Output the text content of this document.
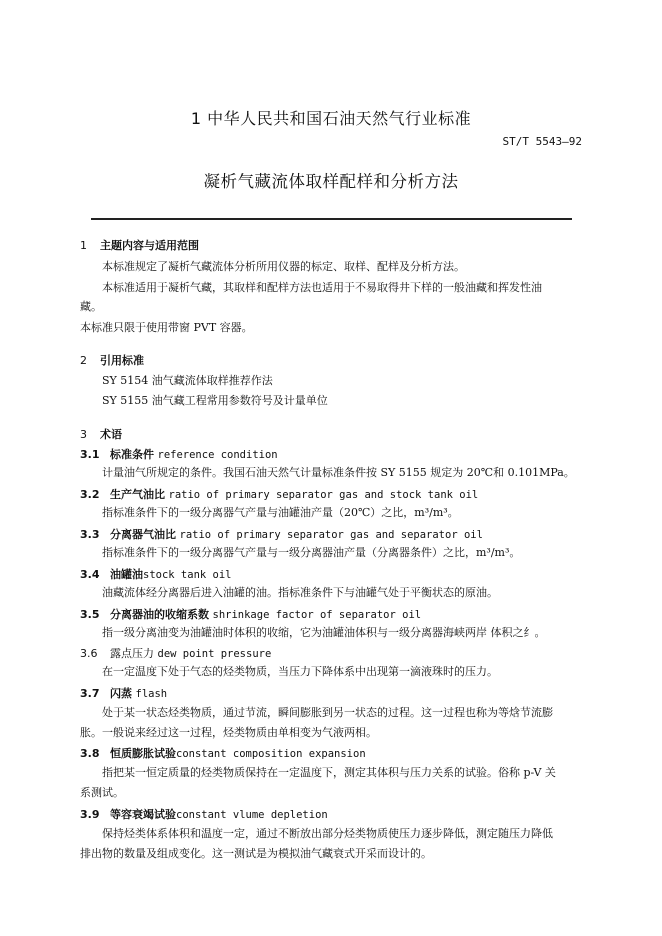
1 中华人民共和国石油天然气行业标准
ST/T 5543—92
凝析气藏流体取样配样和分析方法
1 主题内容与适用范围
本标准规定了凝析气藏流体分析所用仪器的标定、取样、配样及分析方法。
本标准适用于凝析气藏，其取样和配样方法也适用于不易取得井下样的一般油藏和挥发性油
藏。
本标准只限于使用带窗 PVT 容器。
2 引用标准
SY 5154 油气藏流体取样推荐作法
SY 5155 油气藏工程常用参数符号及计量单位
3 术语
3.1 标准条件 reference condition
计量油气所规定的条件。我国石油天然气计量标准条件按 SY 5155 规定为 20℃和 0.101MPa。
3.2 生产气油比 ratio of primary separator gas and stock tank oil
指标准条件下的一级分离器气产量与油罐油产量（20℃）之比，m³/m³。
3.3 分离器气油比 ratio of primary separator gas and separator oil
指标准条件下的一级分离器气产量与一级分离器油产量（分离器条件）之比，m³/m³。
3.4 油罐油stock tank oil
油藏流体经分离器后进入油罐的油。指标准条件下与油罐气处于平衡状态的原油。
3.5 分离器油的收缩系数 shrinkage factor of separator oil
指一级分离油变为油罐油时体积的收缩，它为油罐油体积与一级分离器海峡两岸 体积之纟。
3.6 露点压力 dew point pressure
在一定温度下处于气态的烃类物质，当压力下降体系中出现第一滴液珠时的压力。
3.7 闪蒸 flash
处于某一状态烃类物质，通过节流，瞬间膨胀到另一状态的过程。这一过程也称为等焓节流膨
胀。一般说来经过这一过程，烃类物质由单相变为气液两相。
3.8 恒质膨胀试验constant composition expansion
指把某一恒定质量的烃类物质保持在一定温度下，测定其体积与压力关系的试验。俗称 p-V 关
系测试。
3.9 等容衰竭试验constant vlume depletion
保持烃类体系体积和温度一定，通过不断放出部分烃类物质使压力逐步降低，测定随压力降低
排出物的数量及组成变化。这一测试是为模拟油气藏衰式开采而设计的。
